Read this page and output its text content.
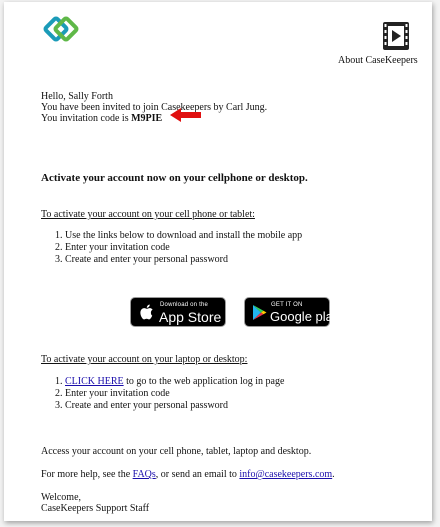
About CaseKeepers
Hello, Sally Forth
You have been invited to join Casekeepers by Carl Jung.
You invitation code is M9PIE
Activate your account now on your cellphone or desktop.
To activate your account on your cell phone or tablet:
1. Use the links below to download and install the mobile app
2. Enter your invitation code
3. Create and enter your personal password
Download on the
App Store
GET IT ON
Google play
To activate your account on your laptop or desktop:
1. CLICK HERE to go to the web application log in page
2. Enter your invitation code
3. Create and enter your personal password
Access your account on your cell phone, tablet, laptop and desktop.
For more help, see the FAQs, or send an email to info@casekeepers.com.
Welcome,
CaseKeepers Support Staff
